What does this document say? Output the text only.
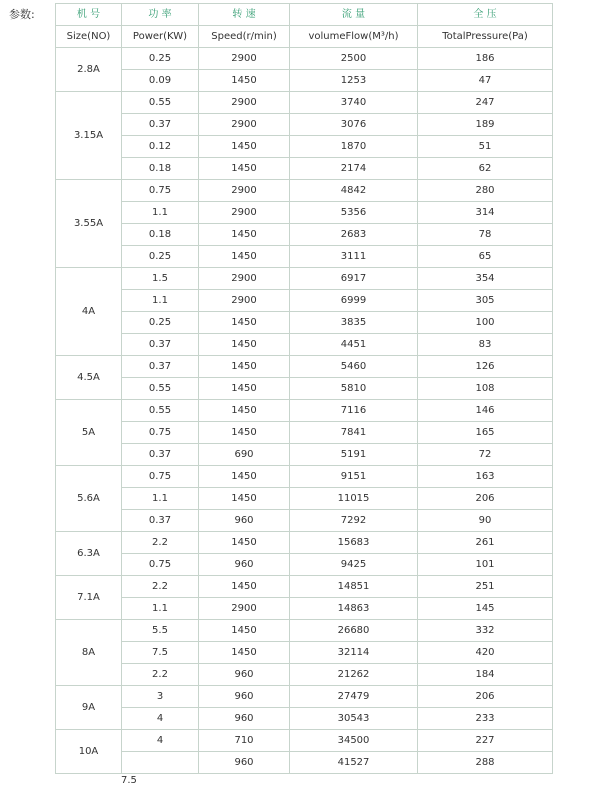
参数:	机 号	功 率	转 速	流 量	全 压

Size(NO)	Power(KW)	Speed(r/min)	volumeFlow(M³/h)	TotalPressure(Pa)
2.8A	0.25	2900	2500	186
	0.09	1450	1253	47
3.15A	0.55	2900	3740	247
	0.37	2900	3076	189
	0.12	1450	1870	51
	0.18	1450	2174	62
3.55A	0.75	2900	4842	280
	1.1	2900	5356	314
	0.18	1450	2683	78
	0.25	1450	3111	65
4A	1.5	2900	6917	354
	1.1	2900	6999	305
	0.25	1450	3835	100
	0.37	1450	4451	83
4.5A	0.37	1450	5460	126
	0.55	1450	5810	108
5A	0.55	1450	7116	146
	0.75	1450	7841	165
	0.37	690	5191	72
5.6A	0.75	1450	9151	163
	1.1	1450	11015	206
	0.37	960	7292	90
6.3A	2.2	1450	15683	261
	0.75	960	9425	101
7.1A	2.2	1450	14851	251
	1.1	2900	14863	145
8A	5.5	1450	26680	332
	7.5	1450	32114	420
	2.2	960	21262	184
9A	3	960	27479	206
	4	960	30543	233
10A	4	710	34500	227
		960	41527	288
7.5
